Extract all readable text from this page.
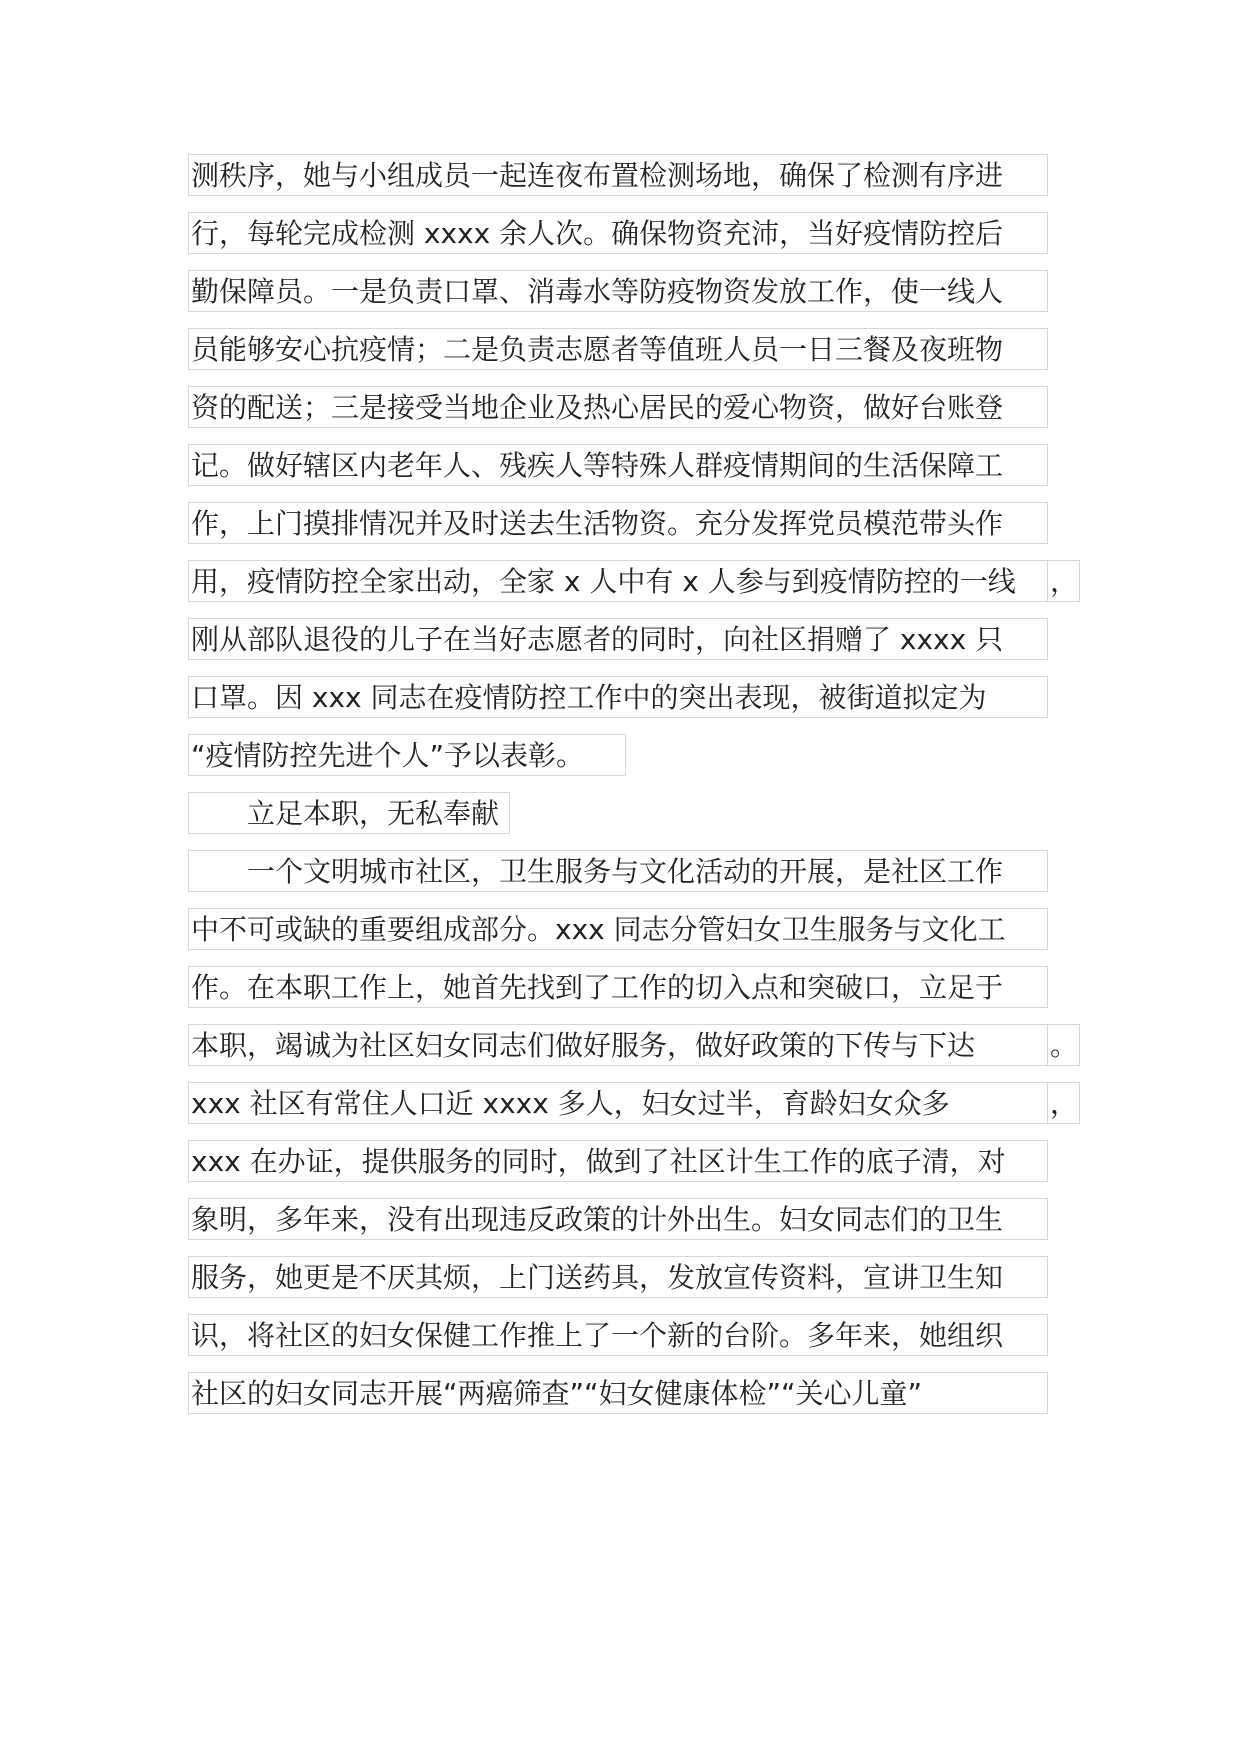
测秩序，她与小组成员一起连夜布置检测场地，确保了检测有序进
行，每轮完成检测 xxxx 余人次。确保物资充沛，当好疫情防控后
勤保障员。一是负责口罩、消毒水等防疫物资发放工作，使一线人
员能够安心抗疫情；二是负责志愿者等值班人员一日三餐及夜班物
资的配送；三是接受当地企业及热心居民的爱心物资，做好台账登
记。做好辖区内老年人、残疾人等特殊人群疫情期间的生活保障工
作，上门摸排情况并及时送去生活物资。充分发挥党员模范带头作
用，疫情防控全家出动，全家 x 人中有 x 人参与到疫情防控的一线	，
刚从部队退役的儿子在当好志愿者的同时，向社区捐赠了 xxxx 只
口罩。因 xxx 同志在疫情防控工作中的突出表现，被街道拟定为
“疫情防控先进个人”予以表彰。
立足本职，无私奉献
一个文明城市社区，卫生服务与文化活动的开展，是社区工作
中不可或缺的重要组成部分。xxx 同志分管妇女卫生服务与文化工
作。在本职工作上，她首先找到了工作的切入点和突破口，立足于
本职，竭诚为社区妇女同志们做好服务，做好政策的下传与下达	。
xxx 社区有常住人口近 xxxx 多人，妇女过半，育龄妇女众多	，
xxx 在办证，提供服务的同时，做到了社区计生工作的底子清，对
象明，多年来，没有出现违反政策的计外出生。妇女同志们的卫生
服务，她更是不厌其烦，上门送药具，发放宣传资料，宣讲卫生知
识，将社区的妇女保健工作推上了一个新的台阶。多年来，她组织
社区的妇女同志开展“两癌筛查”“妇女健康体检”“关心儿童”
